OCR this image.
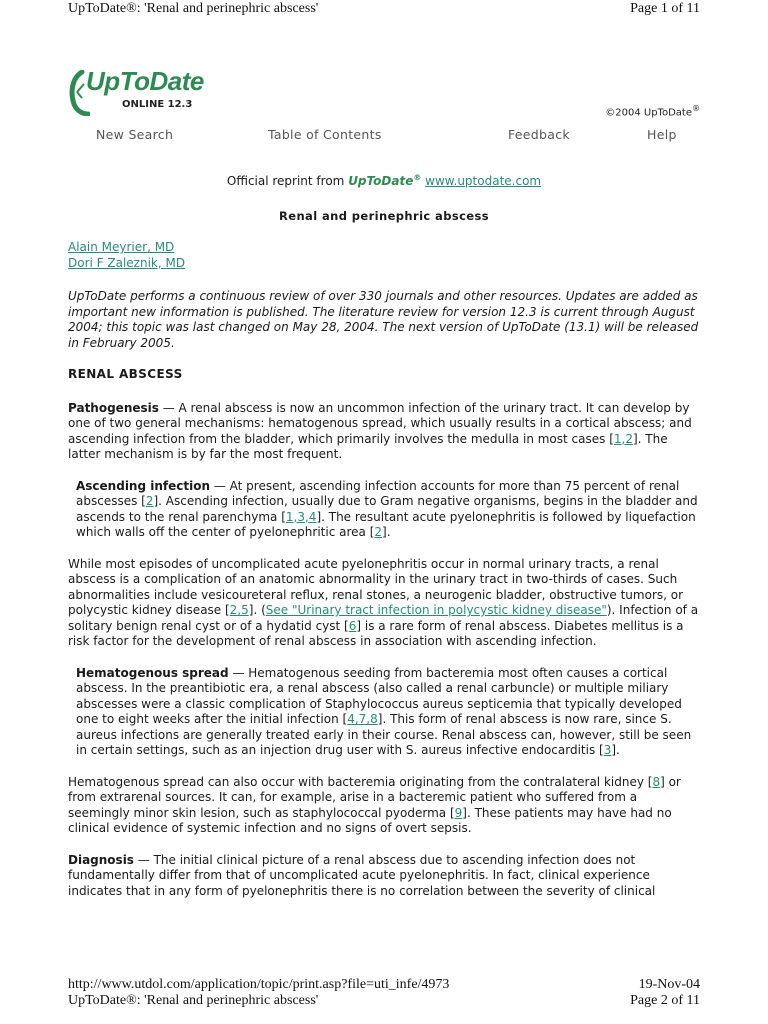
UpToDate®: 'Renal and perinephric abscess'	Page 1 of 11
UpToDate
ONLINE 12.3
©2004 UpToDate®
New Search	Table of Contents	Feedback	Help
Official reprint from UpToDate® www.uptodate.com
Renal and perinephric abscess

Alain Meyrier, MD
Dori F Zaleznik, MD

UpToDate performs a continuous review of over 330 journals and other resources. Updates are added as important new information is published. The literature review for version 12.3 is current through August 2004; this topic was last changed on May 28, 2004. The next version of UpToDate (13.1) will be released in February 2005.

RENAL ABSCESS

Pathogenesis — A renal abscess is now an uncommon infection of the urinary tract. It can develop by one of two general mechanisms: hematogenous spread, which usually results in a cortical abscess; and ascending infection from the bladder, which primarily involves the medulla in most cases [1,2]. The latter mechanism is by far the most frequent.

Ascending infection — At present, ascending infection accounts for more than 75 percent of renal abscesses [2]. Ascending infection, usually due to Gram negative organisms, begins in the bladder and ascends to the renal parenchyma [1,3,4]. The resultant acute pyelonephritis is followed by liquefaction which walls off the center of pyelonephritic area [2].

While most episodes of uncomplicated acute pyelonephritis occur in normal urinary tracts, a renal abscess is a complication of an anatomic abnormality in the urinary tract in two-thirds of cases. Such abnormalities include vesicoureteral reflux, renal stones, a neurogenic bladder, obstructive tumors, or polycystic kidney disease [2,5]. (See "Urinary tract infection in polycystic kidney disease"). Infection of a solitary benign renal cyst or of a hydatid cyst [6] is a rare form of renal abscess. Diabetes mellitus is a risk factor for the development of renal abscess in association with ascending infection.

Hematogenous spread — Hematogenous seeding from bacteremia most often causes a cortical abscess. In the preantibiotic era, a renal abscess (also called a renal carbuncle) or multiple miliary abscesses were a classic complication of Staphylococcus aureus septicemia that typically developed one to eight weeks after the initial infection [4,7,8]. This form of renal abscess is now rare, since S. aureus infections are generally treated early in their course. Renal abscess can, however, still be seen in certain settings, such as an injection drug user with S. aureus infective endocarditis [3].

Hematogenous spread can also occur with bacteremia originating from the contralateral kidney [8] or from extrarenal sources. It can, for example, arise in a bacteremic patient who suffered from a seemingly minor skin lesion, such as staphylococcal pyoderma [9]. These patients may have had no clinical evidence of systemic infection and no signs of overt sepsis.

Diagnosis — The initial clinical picture of a renal abscess due to ascending infection does not fundamentally differ from that of uncomplicated acute pyelonephritis. In fact, clinical experience indicates that in any form of pyelonephritis there is no correlation between the severity of clinical

http://www.utdol.com/application/topic/print.asp?file=uti_infe/4973	19-Nov-04
UpToDate®: 'Renal and perinephric abscess'	Page 2 of 11
